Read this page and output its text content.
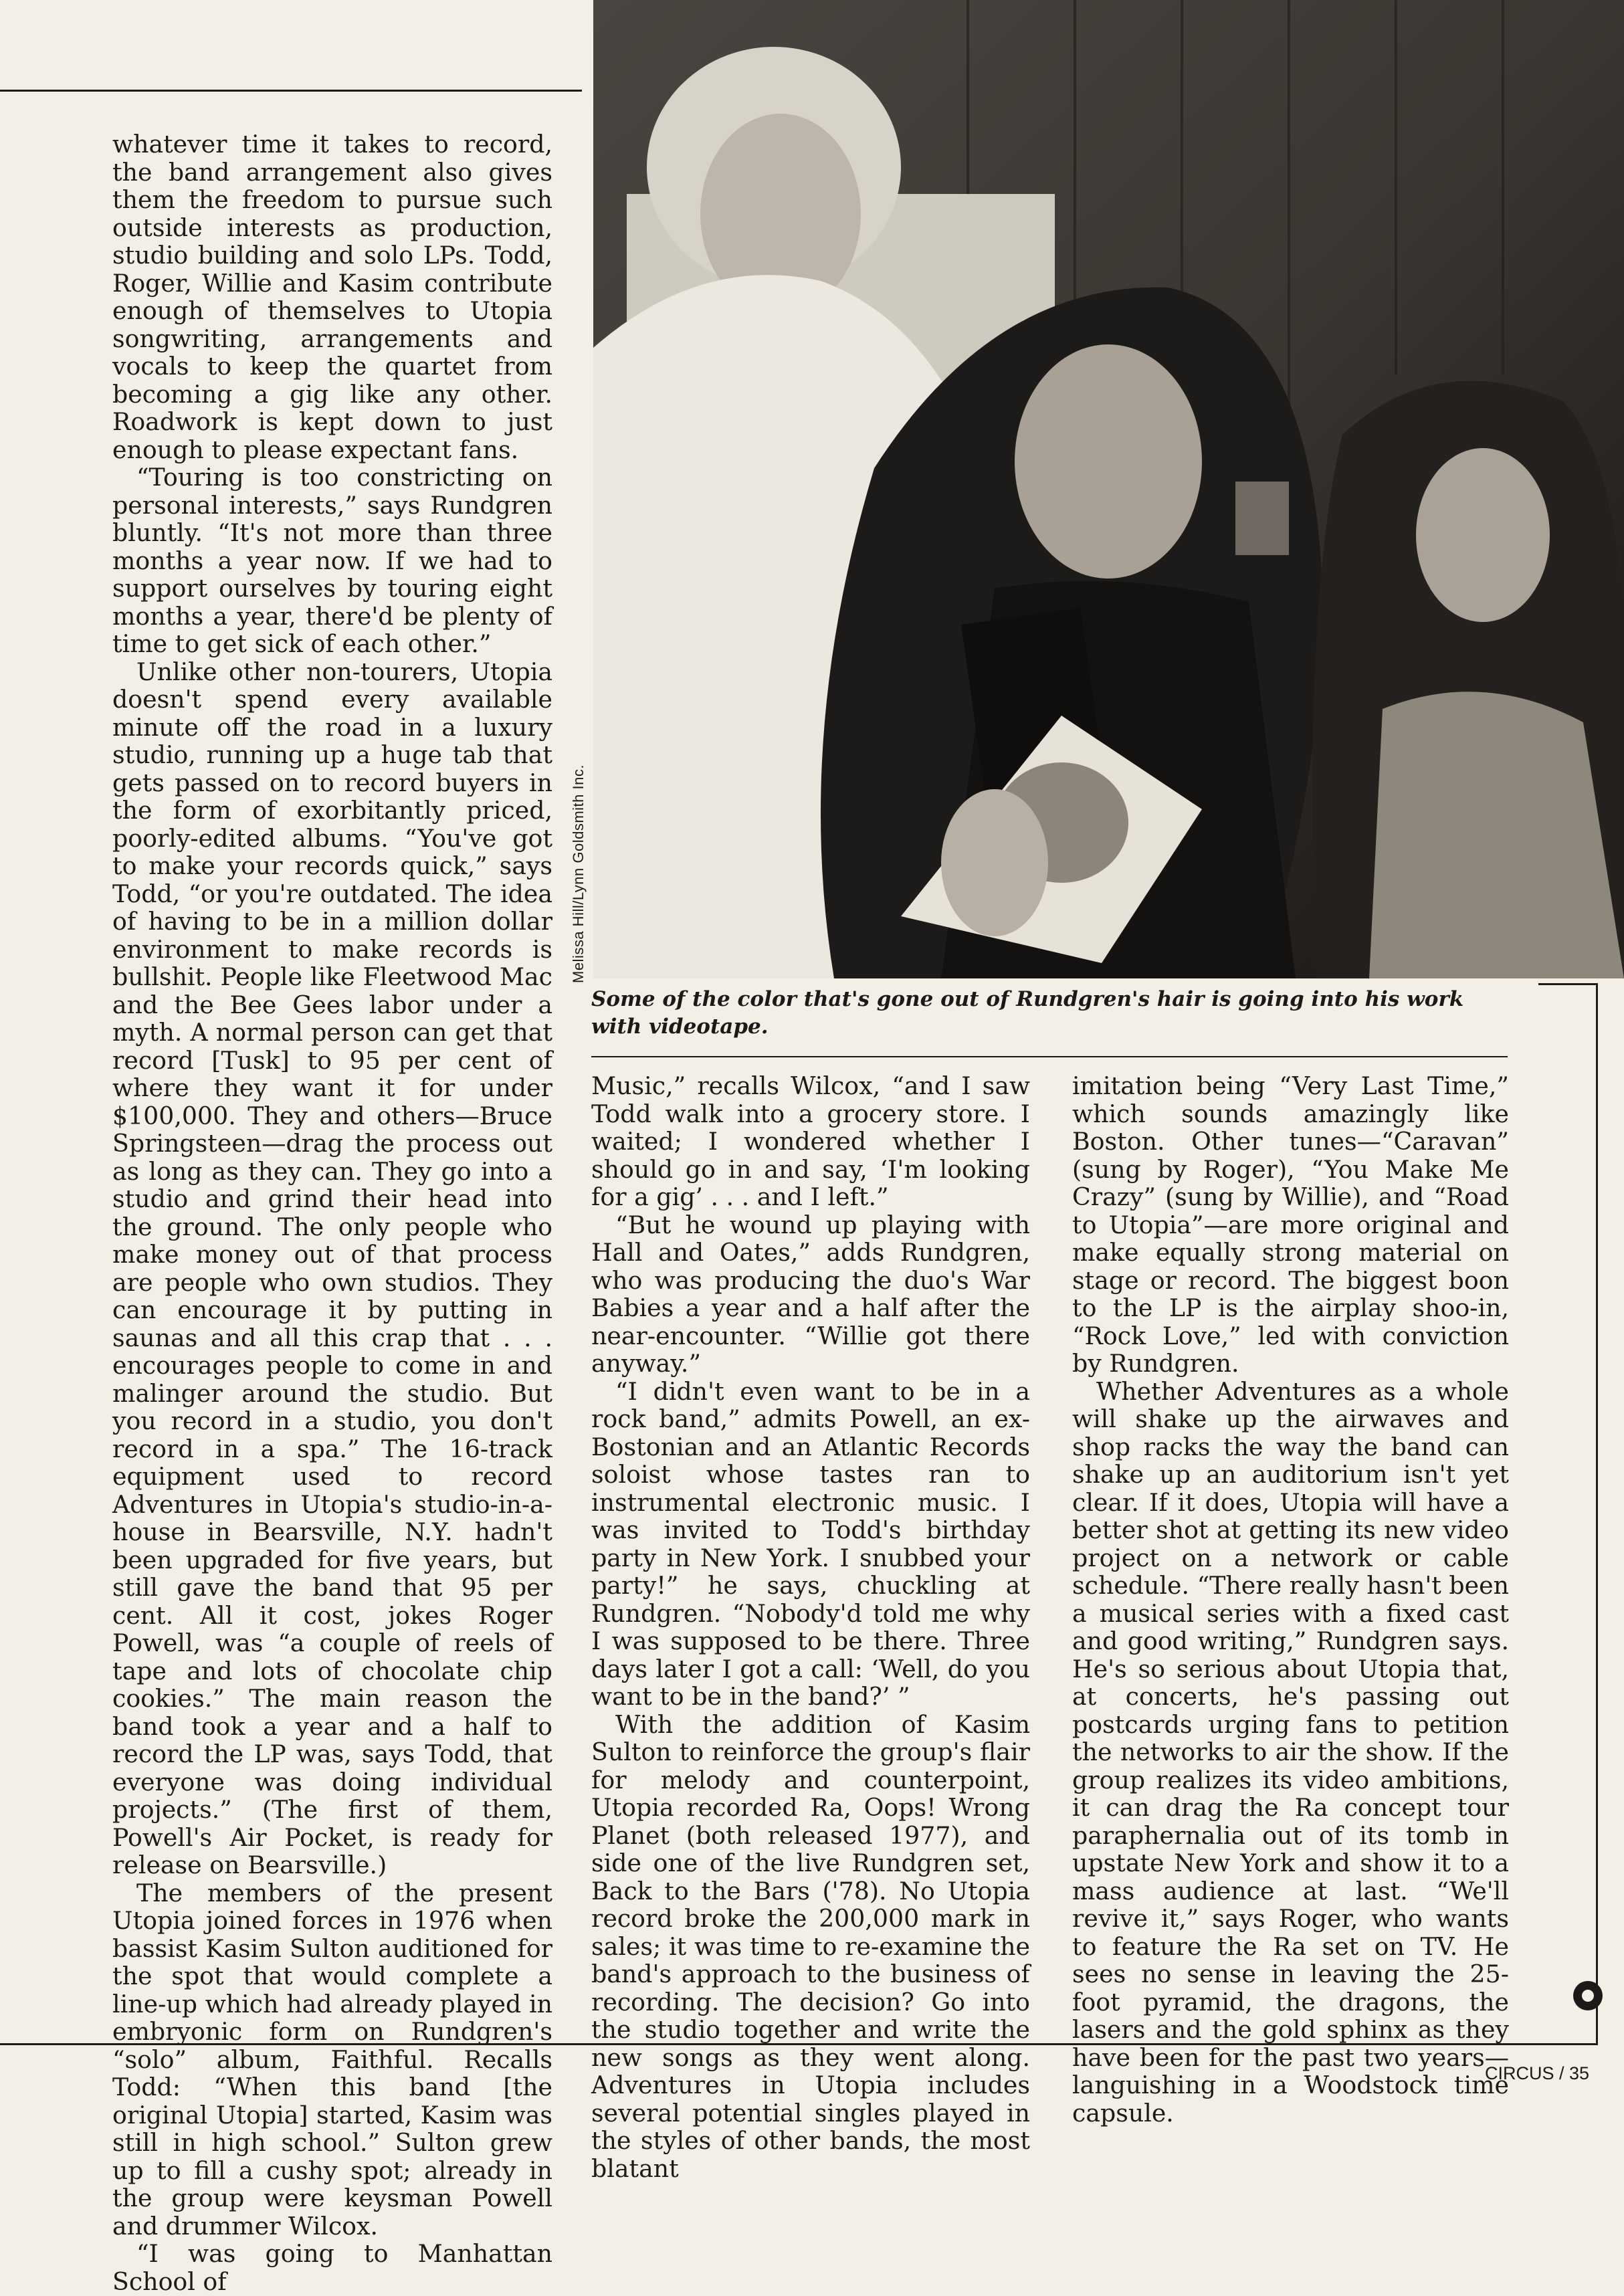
Melissa Hill/Lynn Goldsmith Inc.
Some of the color that's gone out of Rundgren's hair is going into his work with videotape.

whatever time it takes to record, the band arrangement also gives them the freedom to pursue such outside interests as production, studio building and solo LPs. Todd, Roger, Willie and Kasim contribute enough of themselves to Utopia songwriting, arrangements and vocals to keep the quartet from becoming a gig like any other. Roadwork is kept down to just enough to please expectant fans.

“Touring is too constricting on personal interests,” says Rundgren bluntly. “It's not more than three months a year now. If we had to support ourselves by touring eight months a year, there'd be plenty of time to get sick of each other.”

Unlike other non-tourers, Utopia doesn't spend every available minute off the road in a luxury studio, running up a huge tab that gets passed on to record buyers in the form of exorbitantly priced, poorly-edited albums. “You've got to make your records quick,” says Todd, “or you're outdated. The idea of having to be in a million dollar environment to make records is bullshit. People like Fleetwood Mac and the Bee Gees labor under a myth. A normal person can get that record [Tusk] to 95 per cent of where they want it for under $100,000. They and others—Bruce Springsteen—drag the process out as long as they can. They go into a studio and grind their head into the ground. The only people who make money out of that process are people who own studios. They can encourage it by putting in saunas and all this crap that . . . encourages people to come in and malinger around the studio. But you record in a studio, you don't record in a spa.” The 16-track equipment used to record Adventures in Utopia's studio-in-a-house in Bearsville, N.Y. hadn't been upgraded for five years, but still gave the band that 95 per cent. All it cost, jokes Roger Powell, was “a couple of reels of tape and lots of chocolate chip cookies.” The main reason the band took a year and a half to record the LP was, says Todd, that everyone was doing individual projects.” (The first of them, Powell's Air Pocket, is ready for release on Bearsville.)

The members of the present Utopia joined forces in 1976 when bassist Kasim Sulton auditioned for the spot that would complete a line-up which had already played in embryonic form on Rundgren's “solo” album, Faithful. Recalls Todd: “When this band [the original Utopia] started, Kasim was still in high school.” Sulton grew up to fill a cushy spot; already in the group were keysman Powell and drummer Wilcox.

“I was going to Manhattan School of

Music,” recalls Wilcox, “and I saw Todd walk into a grocery store. I waited; I wondered whether I should go in and say, ‘I'm looking for a gig’ . . . and I left.”

“But he wound up playing with Hall and Oates,” adds Rundgren, who was producing the duo's War Babies a year and a half after the near-encounter. “Willie got there anyway.”

“I didn't even want to be in a rock band,” admits Powell, an ex-Bostonian and an Atlantic Records soloist whose tastes ran to instrumental electronic music. I was invited to Todd's birthday party in New York. I snubbed your party!” he says, chuckling at Rundgren. “Nobody'd told me why I was supposed to be there. Three days later I got a call: ‘Well, do you want to be in the band?’ ”

With the addition of Kasim Sulton to reinforce the group's flair for melody and counterpoint, Utopia recorded Ra, Oops! Wrong Planet (both released 1977), and side one of the live Rundgren set, Back to the Bars ('78). No Utopia record broke the 200,000 mark in sales; it was time to re-examine the band's approach to the business of recording. The decision? Go into the studio together and write the new songs as they went along. Adventures in Utopia includes several potential singles played in the styles of other bands, the most blatant

imitation being “Very Last Time,” which sounds amazingly like Boston. Other tunes—“Caravan” (sung by Roger), “You Make Me Crazy” (sung by Willie), and “Road to Utopia”—are more original and make equally strong material on stage or record. The biggest boon to the LP is the airplay shoo-in, “Rock Love,” led with conviction by Rundgren.

Whether Adventures as a whole will shake up the airwaves and shop racks the way the band can shake up an auditorium isn't yet clear. If it does, Utopia will have a better shot at getting its new video project on a network or cable schedule. “There really hasn't been a musical series with a fixed cast and good writing,” Rundgren says. He's so serious about Utopia that, at concerts, he's passing out postcards urging fans to petition the networks to air the show. If the group realizes its video ambitions, it can drag the Ra concept tour paraphernalia out of its tomb in upstate New York and show it to a mass audience at last. “We'll revive it,” says Roger, who wants to feature the Ra set on TV. He sees no sense in leaving the 25-foot pyramid, the dragons, the lasers and the gold sphinx as they have been for the past two years—languishing in a Woodstock time capsule.

CIRCUS / 35
